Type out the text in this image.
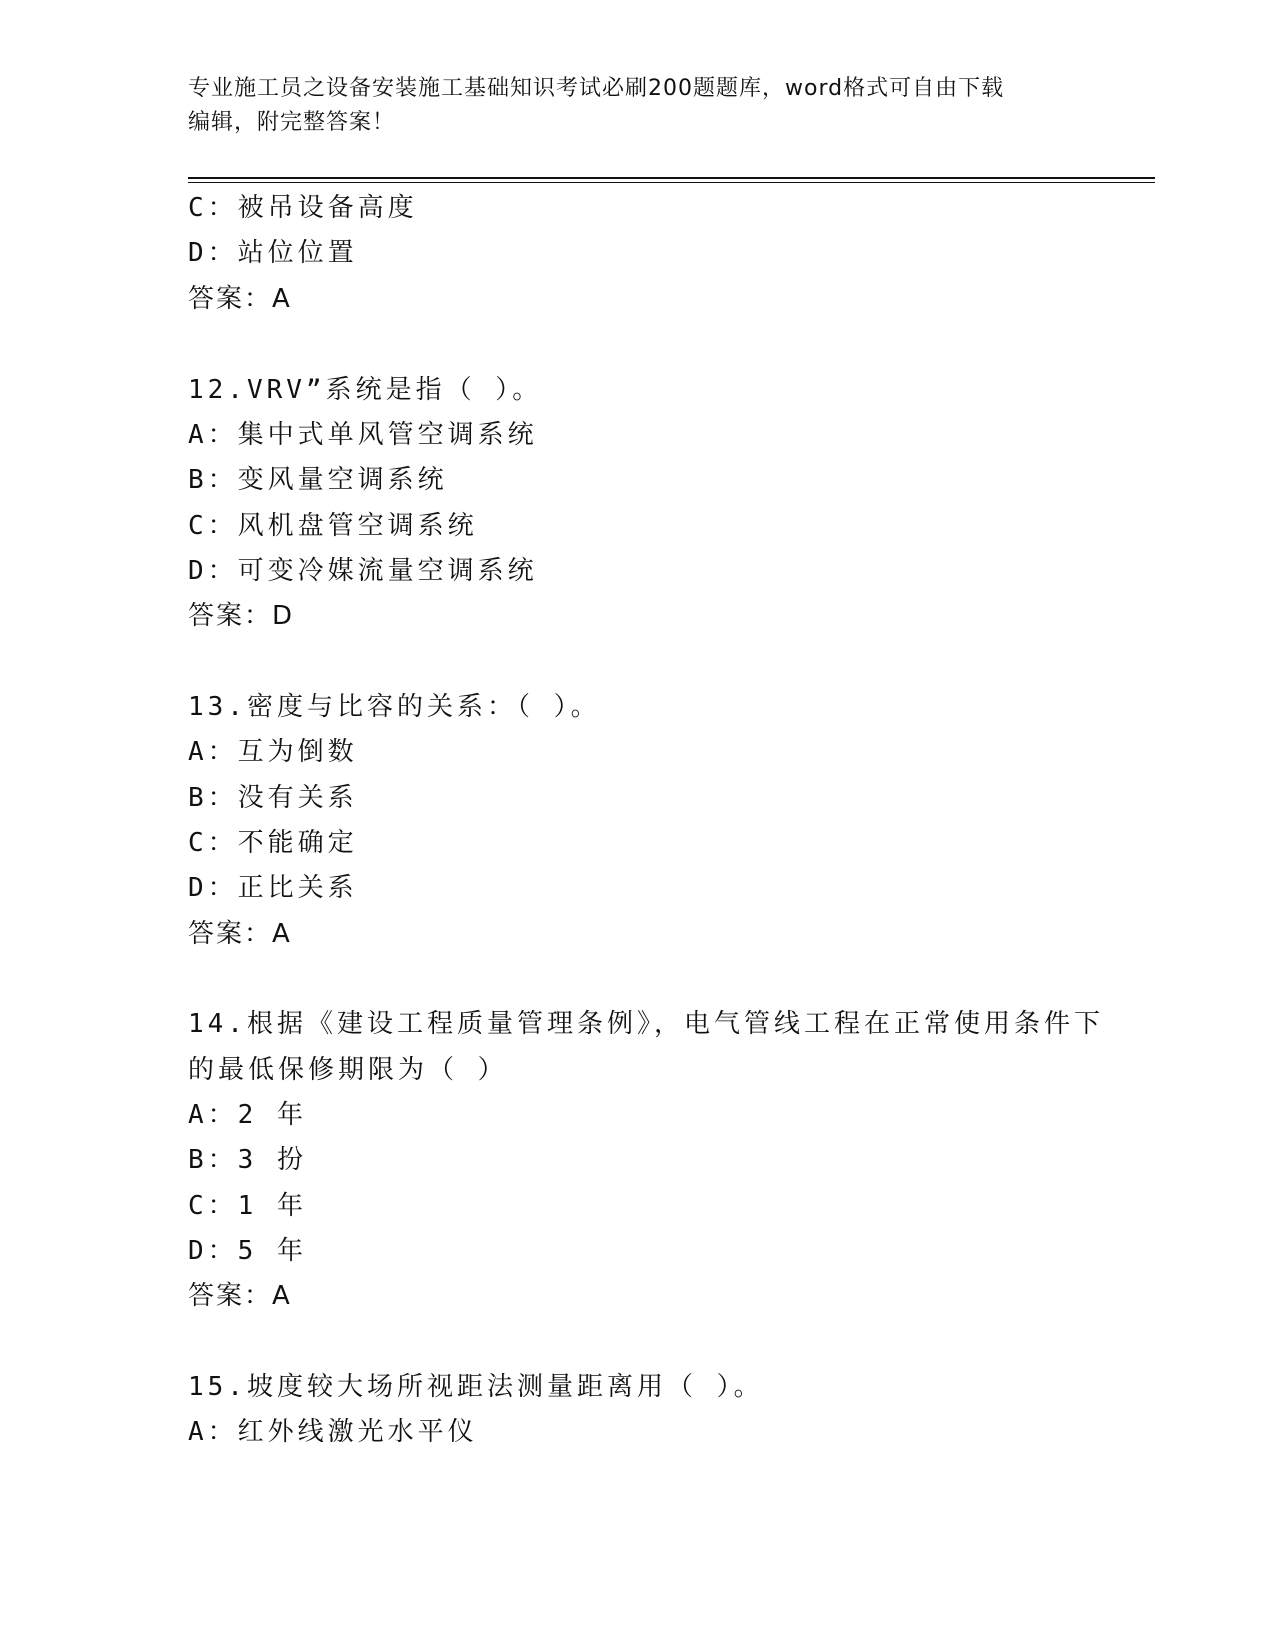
专业施工员之设备安装施工基础知识考试必刷200题题库，word格式可自由下载
编辑，附完整答案！
C：被吊设备高度
D：站位位置
答案：A
12.VRV”系统是指（ ）。
A：集中式单风管空调系统
B：变风量空调系统
C：风机盘管空调系统
D：可变冷媒流量空调系统
答案：D
13.密度与比容的关系：（ ）。
A：互为倒数
B：没有关系
C：不能确定
D：正比关系
答案：A
14.根据《建设工程质量管理条例》，电气管线工程在正常使用条件下
的最低保修期限为（ ）
A：2 年
B：3 扮
C：1 年
D：5 年
答案：A
15.坡度较大场所视距法测量距离用（ ）。
A：红外线激光水平仪
